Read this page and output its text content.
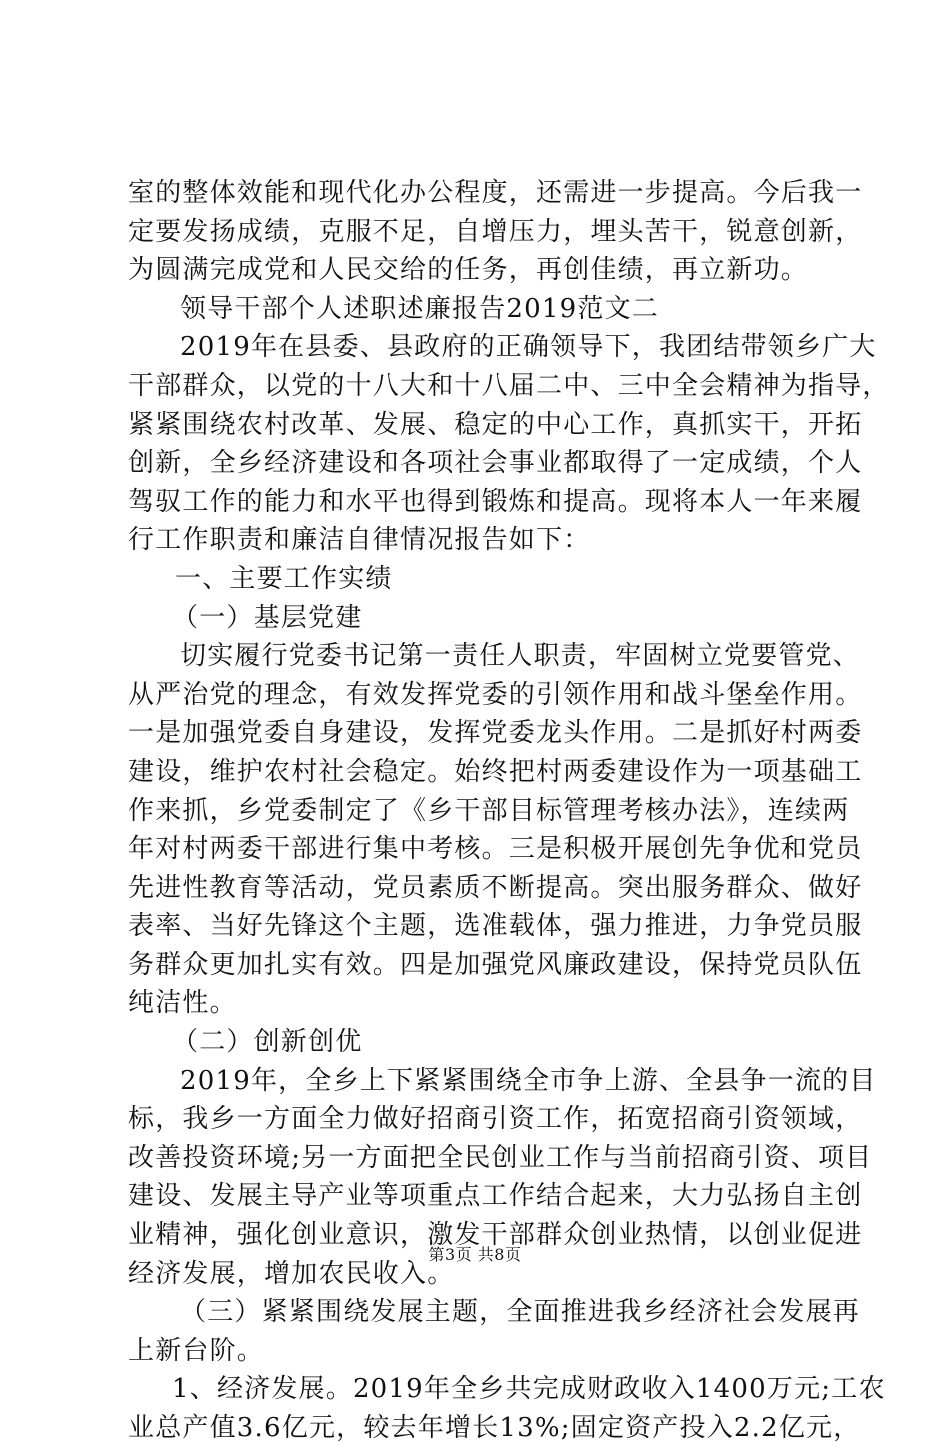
室的整体效能和现代化办公程度，还需进一步提高。今后我一
定要发扬成绩，克服不足，自增压力，埋头苦干，锐意创新，
为圆满完成党和人民交给的任务，再创佳绩，再立新功。
领导干部个人述职述廉报告2019范文二
2019年在县委、县政府的正确领导下，我团结带领乡广大
干部群众，以党的十八大和十八届二中、三中全会精神为指导，
紧紧围绕农村改革、发展、稳定的中心工作，真抓实干，开拓
创新，全乡经济建设和各项社会事业都取得了一定成绩，个人
驾驭工作的能力和水平也得到锻炼和提高。现将本人一年来履
行工作职责和廉洁自律情况报告如下：
一、主要工作实绩
（一）基层党建
切实履行党委书记第一责任人职责，牢固树立党要管党、
从严治党的理念，有效发挥党委的引领作用和战斗堡垒作用。
一是加强党委自身建设，发挥党委龙头作用。二是抓好村两委
建设，维护农村社会稳定。始终把村两委建设作为一项基础工
作来抓，乡党委制定了《乡干部目标管理考核办法》，连续两
年对村两委干部进行集中考核。三是积极开展创先争优和党员
先进性教育等活动，党员素质不断提高。突出服务群众、做好
表率、当好先锋这个主题，选准载体，强力推进，力争党员服
务群众更加扎实有效。四是加强党风廉政建设，保持党员队伍
纯洁性。
（二）创新创优
2019年，全乡上下紧紧围绕全市争上游、全县争一流的目
标，我乡一方面全力做好招商引资工作，拓宽招商引资领域，
改善投资环境;另一方面把全民创业工作与当前招商引资、项目
建设、发展主导产业等项重点工作结合起来，大力弘扬自主创
业精神，强化创业意识，激发干部群众创业热情，以创业促进
经济发展，增加农民收入。
（三）紧紧围绕发展主题，全面推进我乡经济社会发展再
上新台阶。
1、经济发展。2019年全乡共完成财政收入1400万元;工农
业总产值3.6亿元，较去年增长13%;固定资产投入2.2亿元，
第3页 共8页
